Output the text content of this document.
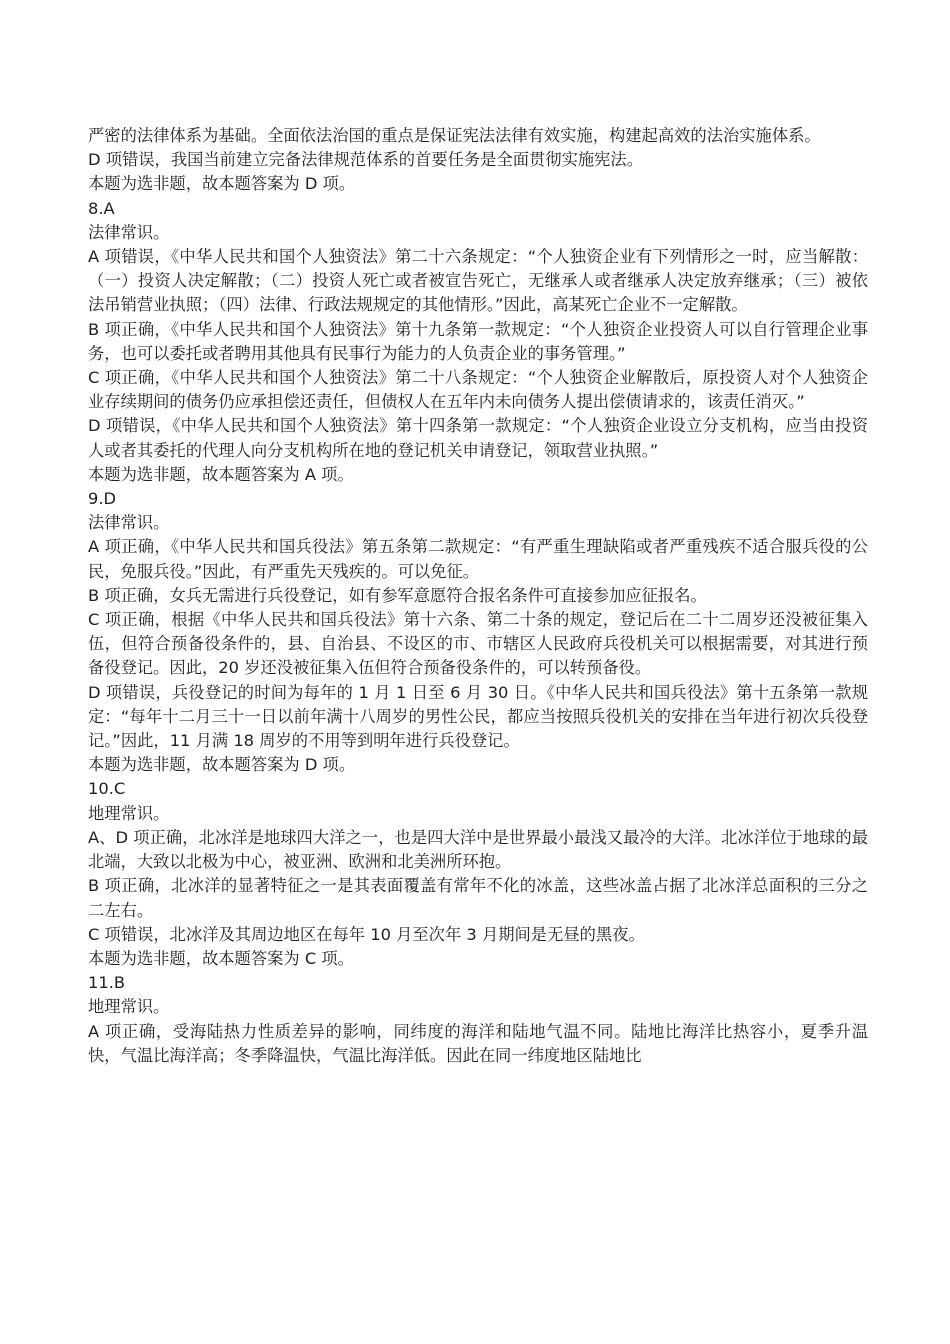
严密的法律体系为基础。全面依法治国的重点是保证宪法法律有效实施，构建起高效的法治实施体系。

D 项错误，我国当前建立完备法律规范体系的首要任务是全面贯彻实施宪法。

本题为选非题，故本题答案为 D 项。

8.A

法律常识。

A 项错误，《中华人民共和国个人独资法》第二十六条规定：“个人独资企业有下列情形之一时，应当解散：（一）投资人决定解散；（二）投资人死亡或者被宣告死亡，无继承人或者继承人决定放弃继承；（三）被依法吊销营业执照；（四）法律、行政法规规定的其他情形。”因此，高某死亡企业不一定解散。

B 项正确，《中华人民共和国个人独资法》第十九条第一款规定：“个人独资企业投资人可以自行管理企业事务，也可以委托或者聘用其他具有民事行为能力的人负责企业的事务管理。”

C 项正确，《中华人民共和国个人独资法》第二十八条规定：“个人独资企业解散后，原投资人对个人独资企业存续期间的债务仍应承担偿还责任，但债权人在五年内未向债务人提出偿债请求的，该责任消灭。”

D 项错误，《中华人民共和国个人独资法》第十四条第一款规定：“个人独资企业设立分支机构，应当由投资人或者其委托的代理人向分支机构所在地的登记机关申请登记，领取营业执照。”

本题为选非题，故本题答案为 A 项。

9.D

法律常识。

A 项正确，《中华人民共和国兵役法》第五条第二款规定：“有严重生理缺陷或者严重残疾不适合服兵役的公民，免服兵役。”因此，有严重先天残疾的。可以免征。

B 项正确，女兵无需进行兵役登记，如有参军意愿符合报名条件可直接参加应征报名。

C 项正确，根据《中华人民共和国兵役法》第十六条、第二十条的规定，登记后在二十二周岁还没被征集入伍，但符合预备役条件的，县、自治县、不设区的市、市辖区人民政府兵役机关可以根据需要，对其进行预备役登记。因此，20 岁还没被征集入伍但符合预备役条件的，可以转预备役。

D 项错误，兵役登记的时间为每年的 1 月 1 日至 6 月 30 日。《中华人民共和国兵役法》第十五条第一款规定：“每年十二月三十一日以前年满十八周岁的男性公民，都应当按照兵役机关的安排在当年进行初次兵役登记。”因此，11 月满 18 周岁的不用等到明年进行兵役登记。

本题为选非题，故本题答案为 D 项。

10.C

地理常识。

A、D 项正确，北冰洋是地球四大洋之一，也是四大洋中是世界最小最浅又最冷的大洋。北冰洋位于地球的最北端，大致以北极为中心，被亚洲、欧洲和北美洲所环抱。

B 项正确，北冰洋的显著特征之一是其表面覆盖有常年不化的冰盖，这些冰盖占据了北冰洋总面积的三分之二左右。

C 项错误，北冰洋及其周边地区在每年 10 月至次年 3 月期间是无昼的黑夜。

本题为选非题，故本题答案为 C 项。

11.B

地理常识。

A 项正确，受海陆热力性质差异的影响，同纬度的海洋和陆地气温不同。陆地比海洋比热容小，夏季升温快，气温比海洋高；冬季降温快，气温比海洋低。因此在同一纬度地区陆地比
